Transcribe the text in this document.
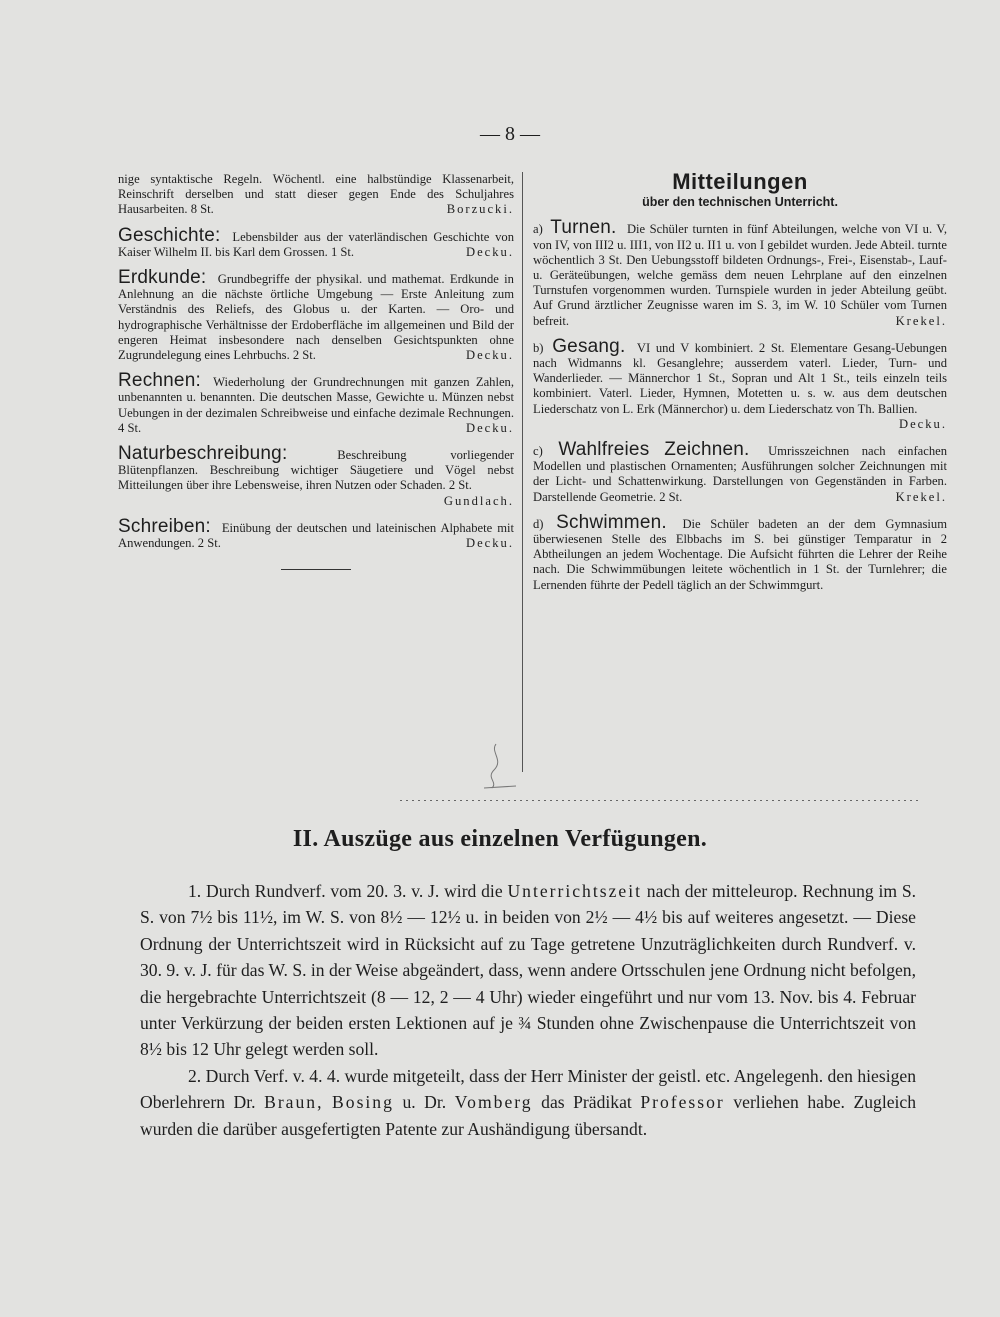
— 8 —
nige syntaktische Regeln. Wöchentl. eine halbstündige Klassenarbeit, Reinschrift derselben und statt dieser gegen Ende des Schuljahres Hausarbeiten. 8 St.	Borzucki.
Geschichte: Lebensbilder aus der vaterländischen Geschichte von Kaiser Wilhelm II. bis Karl dem Grossen. 1 St.	Decku.
Erdkunde: Grundbegriffe der physikal. und mathemat. Erdkunde in Anlehnung an die nächste örtliche Umgebung — Erste Anleitung zum Verständnis des Reliefs, des Globus u. der Karten. — Oro- und hydrographische Verhältnisse der Erdoberfläche im allgemeinen und Bild der engeren Heimat insbesondere nach denselben Gesichtspunkten ohne Zugrundelegung eines Lehrbuchs. 2 St.	Decku.
Rechnen: Wiederholung der Grundrechnungen mit ganzen Zahlen, unbenannten u. benannten. Die deutschen Masse, Gewichte u. Münzen nebst Uebungen in der dezimalen Schreibweise und einfache dezimale Rechnungen. 4 St.	Decku.
Naturbeschreibung:	Beschreibung vorliegender Blütenpflanzen. Beschreibung wichtiger Säugetiere und Vögel nebst Mitteilungen über ihre Lebensweise, ihren Nutzen oder Schaden. 2 St.
Gundlach.
Schreiben: Einübung der deutschen und lateinischen Alphabete mit Anwendungen. 2 St.	Decku.
Mitteilungen
über den technischen Unterricht.
a) Turnen. Die Schüler turnten in fünf Abteilungen, welche von VI u. V, von IV, von III2 u. III1, von II2 u. II1 u. von I gebildet wurden. Jede Abteil. turnte wöchentlich 3 St. Den Uebungsstoff bildeten Ordnungs-, Frei-, Eisenstab-, Lauf- u. Geräteübungen, welche gemäss dem neuen Lehrplane auf den einzelnen Turnstufen vorgenommen wurden. Turnspiele wurden in jeder Abteilung geübt. Auf Grund ärztlicher Zeugnisse waren im S. 3, im W. 10 Schüler vom Turnen befreit.	Krekel.
b) Gesang. VI und V kombiniert. 2 St. Elementare Gesang-Uebungen nach Widmanns kl. Gesanglehre; ausserdem vaterl. Lieder, Turn- und Wanderlieder. — Männerchor 1 St., Sopran und Alt 1 St., teils einzeln teils kombiniert. Vaterl. Lieder, Hymnen, Motetten u. s. w. aus dem deutschen Liederschatz von L. Erk (Männerchor) u. dem Liederschatz von Th. Ballien.
Decku.
c) Wahlfreies Zeichnen. Umrisszeichnen nach einfachen Modellen und plastischen Ornamenten; Ausführungen solcher Zeichnungen mit der Licht- und Schattenwirkung. Darstellungen von Gegenständen in Farben. Darstellende Geometrie. 2 St.	Krekel.
d) Schwimmen. Die Schüler badeten an der dem Gymnasium überwiesenen Stelle des Elbbachs im S. bei günstiger Temparatur in 2 Abtheilungen an jedem Wochentage. Die Aufsicht führten die Lehrer der Reihe nach. Die Schwimmübungen leitete wöchentlich in 1 St. der Turnlehrer; die Lernenden führte der Pedell täglich an der Schwimmgurt.
II. Auszüge aus einzelnen Verfügungen.

1. Durch Rundverf. vom 20. 3. v. J. wird die Unterrichtszeit nach der mitteleurop. Rechnung im S. S. von 7½ bis 11½, im W. S. von 8½ — 12½ u. in beiden von 2½ — 4½ bis auf weiteres angesetzt. — Diese Ordnung der Unterrichtszeit wird in Rücksicht auf zu Tage getretene Unzuträglichkeiten durch Rundverf. v. 30. 9. v. J. für das W. S. in der Weise abgeändert, dass, wenn andere Ortsschulen jene Ordnung nicht befolgen, die hergebrachte Unterrichtszeit (8 — 12, 2 — 4 Uhr) wieder eingeführt und nur vom 13. Nov. bis 4. Februar unter Verkürzung der beiden ersten Lektionen auf je ¾ Stunden ohne Zwischenpause die Unterrichtszeit von 8½ bis 12 Uhr gelegt werden soll.

2. Durch Verf. v. 4. 4. wurde mitgeteilt, dass der Herr Minister der geistl. etc. Angelegenh. den hiesigen Oberlehrern Dr. Braun, Bosing u. Dr. Vomberg das Prädikat Professor verliehen habe. Zugleich wurden die darüber ausgefertigten Patente zur Aushändigung übersandt.
